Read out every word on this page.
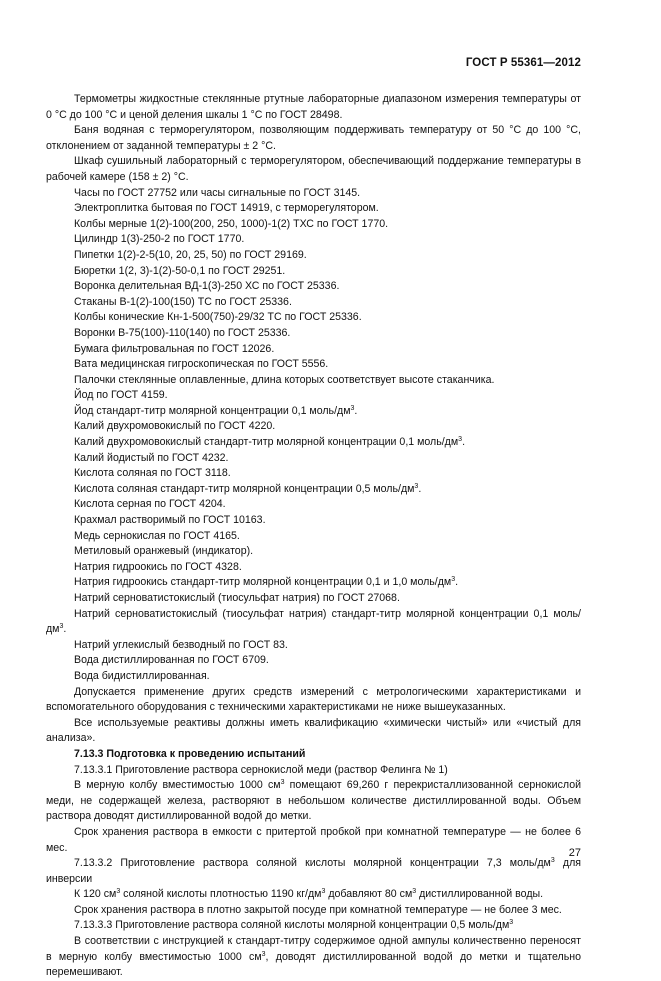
ГОСТ Р 55361—2012

Термометры жидкостные стеклянные ртутные лабораторные диапазоном измерения температуры от 0 °С до 100 °С и ценой деления шкалы 1 °С по ГОСТ 28498.

Баня водяная с терморегулятором, позволяющим поддерживать температуру от 50 °С до 100 °С, отклонением от заданной температуры ± 2 °С.

Шкаф сушильный лабораторный с терморегулятором, обеспечивающий поддержание температуры в рабочей камере (158 ± 2) °С.

Часы по ГОСТ 27752 или часы сигнальные по ГОСТ 3145.

Электроплитка бытовая по ГОСТ 14919, с терморегулятором.

Колбы мерные 1(2)-100(200, 250, 1000)-1(2) ТХС по ГОСТ 1770.

Цилиндр 1(3)-250-2 по ГОСТ 1770.

Пипетки 1(2)-2-5(10, 20, 25, 50) по ГОСТ 29169.

Бюретки 1(2, 3)-1(2)-50-0,1 по ГОСТ 29251.

Воронка делительная ВД-1(3)-250 ХС по ГОСТ 25336.

Стаканы В-1(2)-100(150) ТС по ГОСТ 25336.

Колбы конические Кн-1-500(750)-29/32 ТС по ГОСТ 25336.

Воронки В-75(100)-110(140) по ГОСТ 25336.

Бумага фильтровальная по ГОСТ 12026.

Вата медицинская гигроскопическая по ГОСТ 5556.

Палочки стеклянные оплавленные, длина которых соответствует высоте стаканчика.

Йод по ГОСТ 4159.

Йод стандарт-титр молярной концентрации 0,1 моль/$дм^3$.

Калий двухромовокислый по ГОСТ 4220.

Калий двухромовокислый стандарт-титр молярной концентрации 0,1 моль/$дм^3$.

Калий йодистый по ГОСТ 4232.

Кислота соляная по ГОСТ 3118.

Кислота соляная стандарт-титр молярной концентрации 0,5 моль/$дм^3$.

Кислота серная по ГОСТ 4204.

Крахмал растворимый по ГОСТ 10163.

Медь сернокислая по ГОСТ 4165.

Метиловый оранжевый (индикатор).

Натрия гидроокись по ГОСТ 4328.

Натрия гидроокись стандарт-титр молярной концентрации 0,1 и 1,0 моль/$дм^3$.

Натрий серноватистокислый (тиосульфат натрия) по ГОСТ 27068.

Натрий серноватистокислый (тиосульфат натрия) стандарт-титр молярной концентрации 0,1 моль/$дм^3$.

Натрий углекислый безводный по ГОСТ 83.

Вода дистиллированная по ГОСТ 6709.

Вода бидистиллированная.

Допускается применение других средств измерений с метрологическими характеристиками и вспомогательного оборудования с техническими характеристиками не ниже вышеуказанных.

Все используемые реактивы должны иметь квалификацию «химически чистый» или «чистый для анализа».

7.13.3 Подготовка к проведению испытаний

7.13.3.1 Приготовление раствора сернокислой меди (раствор Фелинга № 1)

В мерную колбу вместимостью 1000 $см^3$ помещают 69,260 г перекристаллизованной сернокислой меди, не содержащей железа, растворяют в небольшом количестве дистиллированной воды. Объем раствора доводят дистиллированной водой до метки.

Срок хранения раствора в емкости с притертой пробкой при комнатной температуре — не более 6 мес.

7.13.3.2 Приготовление раствора соляной кислоты молярной концентрации 7,3 моль/$дм^3$ для инверсии

К 120 $см^3$ соляной кислоты плотностью 1190 $кг/дм^3$ добавляют 80 $см^3$ дистиллированной воды.

Срок хранения раствора в плотно закрытой посуде при комнатной температуре — не более 3 мес.

7.13.3.3 Приготовление раствора соляной кислоты молярной концентрации 0,5 моль/$дм^3$

В соответствии с инструкцией к стандарт-титру содержимое одной ампулы количественно переносят в мерную колбу вместимостью 1000 $см^3$, доводят дистиллированной водой до метки и тщательно перемешивают.

27
